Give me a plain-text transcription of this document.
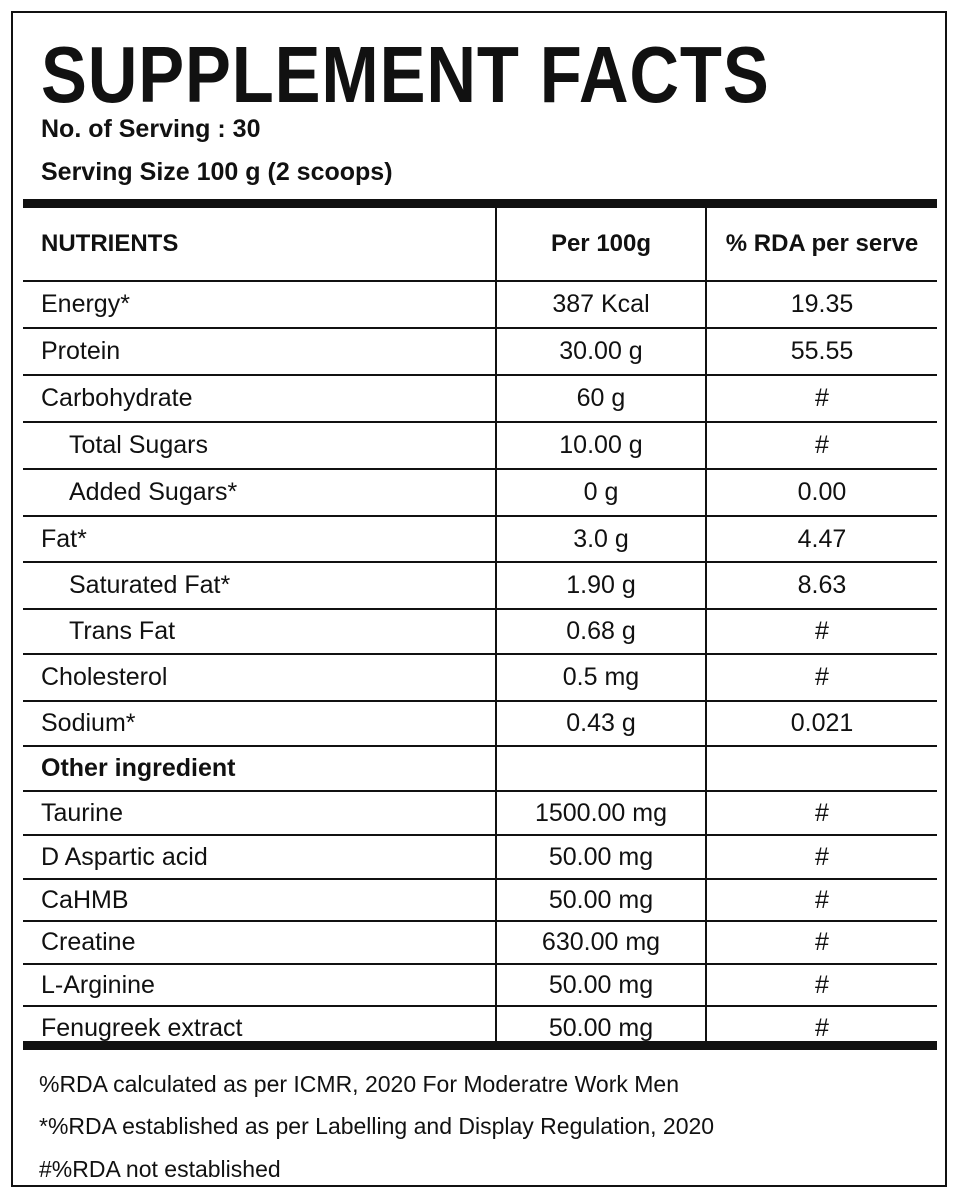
SUPPLEMENT FACTS
No. of Serving : 30
Serving Size 100 g (2 scoops)
NUTRIENTS	Per 100g	% RDA per serve
Energy*	387 Kcal	19.35
Protein	30.00 g	55.55
Carbohydrate	60 g	#
Total Sugars	10.00 g	#
Added Sugars*	0 g	0.00
Fat*	3.0 g	4.47
Saturated Fat*	1.90 g	8.63
Trans Fat	0.68 g	#
Cholesterol	0.5 mg	#
Sodium*	0.43 g	0.021
Other ingredient
Taurine	1500.00 mg	#
D Aspartic acid	50.00 mg	#
CaHMB	50.00 mg	#
Creatine	630.00 mg	#
L-Arginine	50.00 mg	#
Fenugreek extract	50.00 mg	#
%RDA calculated as per ICMR, 2020 For Moderatre Work Men
*%RDA established as per Labelling and Display Regulation, 2020
#%RDA not established
